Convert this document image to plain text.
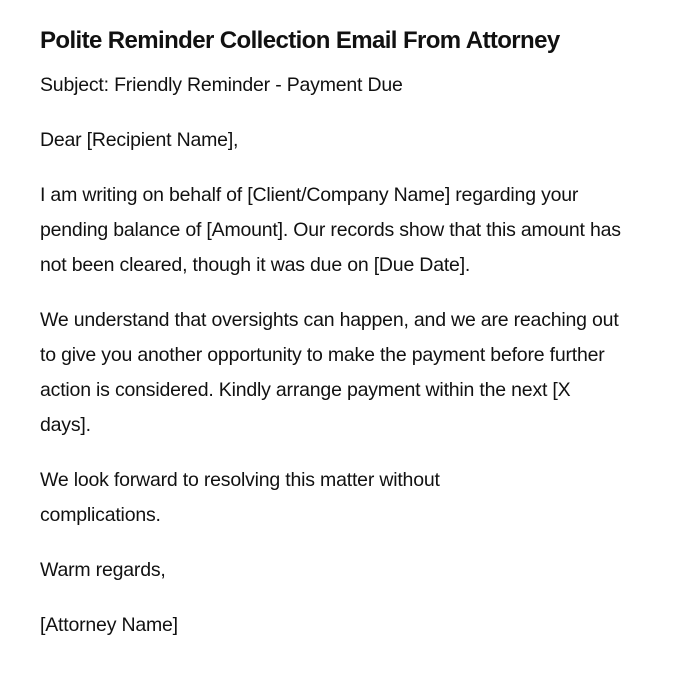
Polite Reminder Collection Email From Attorney

Subject: Friendly Reminder - Payment Due

Dear [Recipient Name],

I am writing on behalf of [Client/Company Name] regarding your pending balance of [Amount]. Our records show that this amount has not been cleared, though it was due on [Due Date].

We understand that oversights can happen, and we are reaching out to give you another opportunity to make the payment before further action is considered. Kindly arrange payment within the next [X days].

We look forward to resolving this matter without complications.

Warm regards,

[Attorney Name]
